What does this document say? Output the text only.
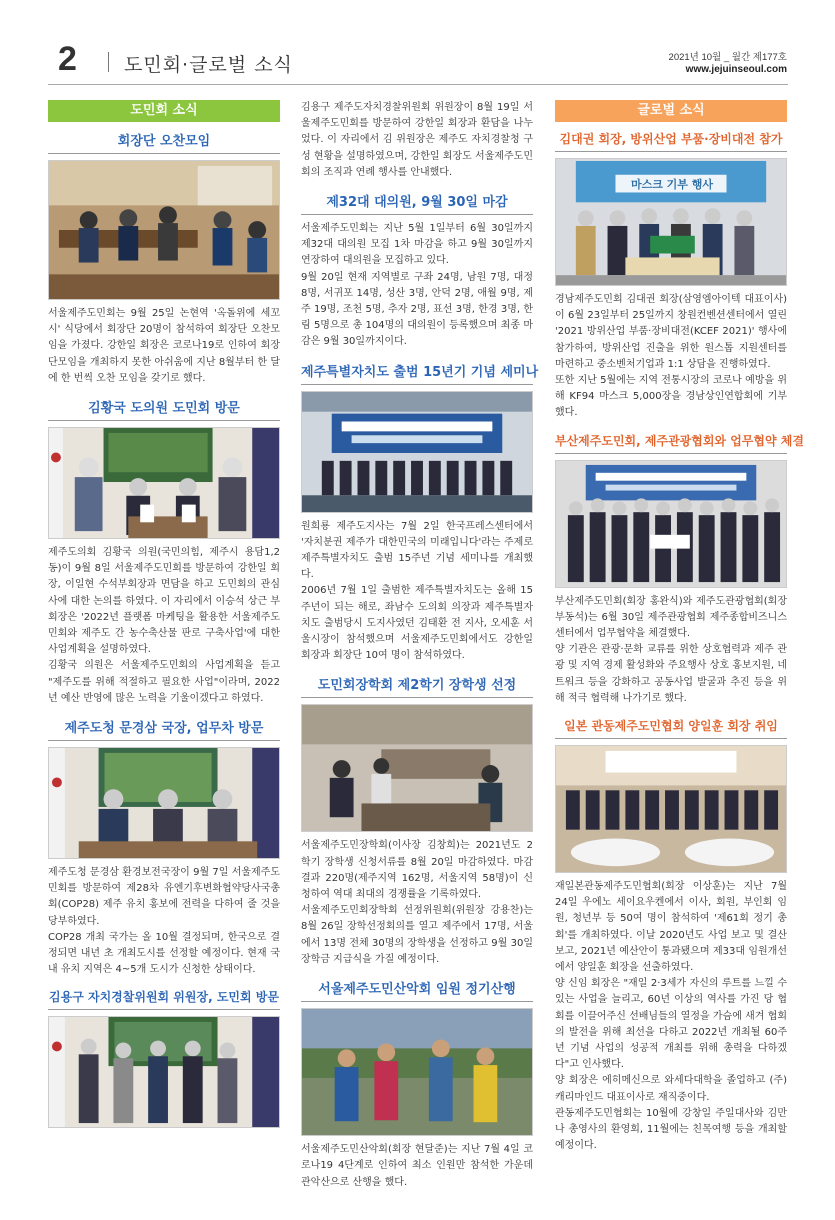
2 도민회·글로벌 소식	2021년 10월 _ 월간 제177호
www.jejuinseoul.com
도민회 소식
회장단 오찬모임

서울제주도민회는 9월 25일 논현역 '옥돌위에 세꼬시' 식당에서 회장단 20명이 참석하여 회장단 오찬모임을 가졌다. 강한일 회장은 코로나19로 인하여 회장단모임을 개최하지 못한 아쉬움에 지난 8월부터 한 달에 한 번씩 오찬 모임을 갖기로 했다.

김황국 도의원 도민회 방문

제주도의회 김황국 의원(국민의힘, 제주시 용담1,2동)이 9월 8일 서울제주도민회를 방문하여 강한일 회장, 이일현 수석부회장과 면담을 하고 도민회의 관심사에 대한 논의를 하였다. 이 자리에서 이승석 상근 부회장은 '2022년 플랫폼 마케팅을 활용한 서울제주도민회와 제주도 간 농수축산물 판로 구축사업'에 대한 사업계획을 설명하였다.

김황국 의원은 서울제주도민회의 사업계획을 듣고 "제주도를 위해 적절하고 필요한 사업"이라며, 2022년 예산 반영에 많은 노력을 기울이겠다고 하였다.

제주도청 문경삼 국장, 업무차 방문

제주도청 문경삼 환경보전국장이 9월 7일 서울제주도민회를 방문하여 제28차 유엔기후변화협약당사국총회(COP28) 제주 유치 홍보에 전력을 다하여 줄 것을 당부하였다.

COP28 개최 국가는 올 10월 결정되며, 한국으로 결정되면 내년 초 개최도시를 선정할 예정이다. 현재 국내 유치 지역은 4~5개 도시가 신청한 상태이다.

김용구 자치경찰위원회 위원장, 도민회 방문

김용구 제주도자치경찰위원회 위원장이 8월 19일 서울제주도민회를 방문하여 강한일 회장과 환담을 나누었다. 이 자리에서 김 위원장은 제주도 자치경찰청 구성 현황을 설명하였으며, 강한일 회장도 서울제주도민회의 조직과 연례 행사를 안내했다.

제32대 대의원, 9월 30일 마감

서울제주도민회는 지난 5월 1일부터 6월 30일까지 제32대 대의원 모집 1차 마감을 하고 9월 30일까지 연장하여 대의원을 모집하고 있다.

9월 20일 현재 지역별로 구좌 24명, 남원 7명, 대정 8명, 서귀포 14명, 성산 3명, 안덕 2명, 애월 9명, 제주 19명, 조천 5명, 추자 2명, 표선 3명, 한경 3명, 한림 5명으로 총 104명의 대의원이 등록했으며 최종 마감은 9월 30일까지이다.

제주특별자치도 출범 15년기 기념 세미나

원희룡 제주도지사는 7월 2일 한국프레스센터에서 '자치분권 제주가 대한민국의 미래입니다'라는 주제로 제주특별자치도 출범 15주년 기념 세미나를 개최했다.

2006년 7월 1일 출범한 제주특별자치도는 올해 15주년이 되는 해로, 좌남수 도의회 의장과 제주특별자치도 출범당시 도지사였던 김태환 전 지사, 오세훈 서울시장이 참석했으며 서울제주도민회에서도 강한일 회장과 회장단 10여 명이 참석하였다.

도민회장학회 제2학기 장학생 선정

서울제주도민장학회(이사장 김창희)는 2021년도 2학기 장학생 신청서류를 8월 20일 마감하였다. 마감결과 220명(제주지역 162명, 서울지역 58명)이 신청하여 역대 최대의 경쟁률을 기록하였다.

서울제주도민회장학회 선정위원회(위원장 강용찬)는 8월 26일 장학선정회의를 열고 제주에서 17명, 서울에서 13명 전체 30명의 장학생을 선정하고 9월 30일 장학금 지급식을 가질 예정이다.

서울제주도민산악회 임원 정기산행

서울제주도민산악회(회장 현달준)는 지난 7월 4일 코로나19 4단계로 인하여 최소 인원만 참석한 가운데 관악산으로 산행을 했다.

글로벌 소식
김대권 회장, 방위산업 부품·장비대전 참가
마스크 기부 행사

경남제주도민회 김대권 회장(삼영엠아이텍 대표이사)이 6월 23일부터 25일까지 창원컨벤션센터에서 열린 '2021 방위산업 부품·장비대전(KCEF 2021)' 행사에 참가하여, 방위산업 진출을 위한 원스톱 지원센터를 마련하고 중소벤처기업과 1:1 상담을 진행하였다.

또한 지난 5월에는 지역 전통시장의 코로나 예방을 위해 KF94 마스크 5,000장을 경남상인연합회에 기부했다.

부산제주도민회, 제주관광협회와 업무협약 체결

부산제주도민회(회장 홍완식)와 제주도관광협회(회장 부동석)는 6월 30일 제주관광협회 제주종합비즈니스센터에서 업무협약을 체결했다.

양 기관은 관광·문화 교류를 위한 상호협력과 제주 관광 및 지역 경제 활성화와 주요행사 상호 홍보지원, 네트워크 등을 강화하고 공동사업 발굴과 추진 등을 위해 적극 협력해 나가기로 했다.

일본 관동제주도민협회 양일훈 회장 취임

재일본관동제주도민협회(회장 이상훈)는 지난 7월 24일 우에노 세이요우켄에서 이사, 회원, 부인회 임원, 청년부 등 50여 명이 참석하여 '제61회 정기 총회'를 개최하였다. 이날 2020년도 사업 보고 및 결산 보고, 2021년 예산안이 통과됐으며 제33대 임원개선에서 양일훈 회장을 선출하였다.

양 신임 회장은 "재일 2·3세가 자신의 루트를 느낄 수 있는 사업을 늘리고, 60년 이상의 역사를 가진 당 협회를 이끌어주신 선배님들의 열정을 가슴에 새겨 협회의 발전을 위해 최선을 다하고 2022년 개최될 60주년 기념 사업의 성공적 개최를 위해 총력을 다하겠다"고 인사했다.

양 회장은 에히메신으로 와세다대학을 졸업하고 (주)캐리마인드 대표이사로 재직중이다.

관동제주도민협회는 10월에 강창일 주일대사와 김만나 총영사의 환영회, 11월에는 친목여행 등을 개최할 예정이다.
